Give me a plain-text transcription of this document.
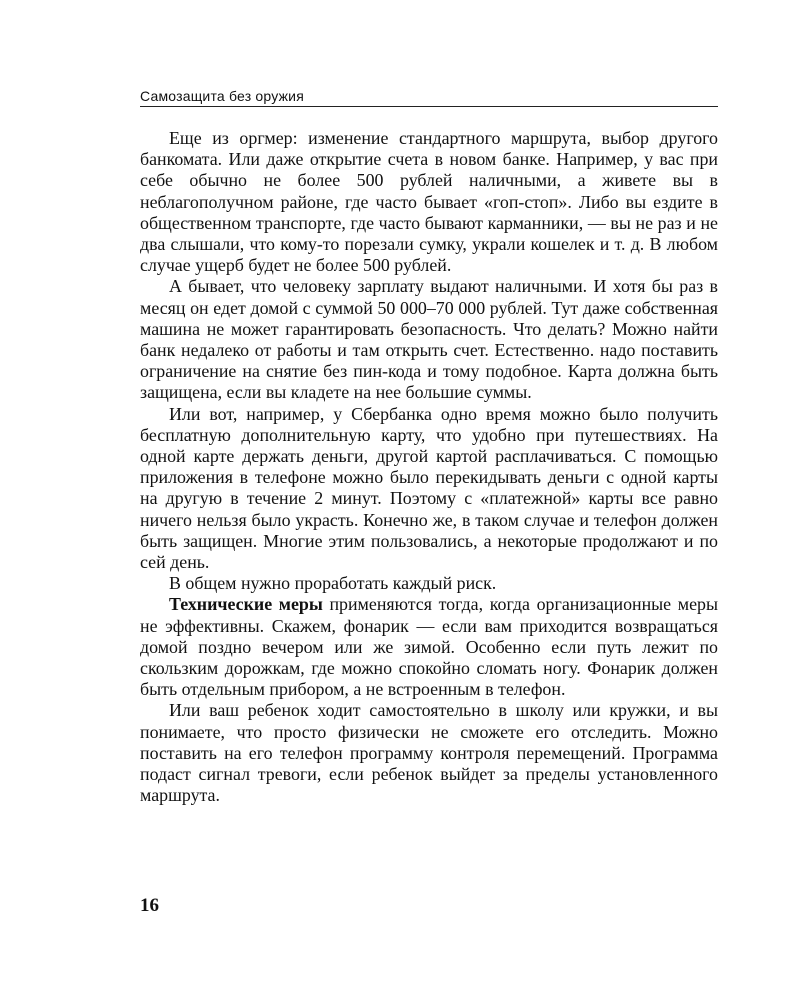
Самозащита без оружия

Еще из оргмер: изменение стандартного маршрута, выбор другого банкомата. Или даже открытие счета в новом банке. Например, у вас при себе обычно не более 500 рублей наличными, а живете вы в неблагополучном районе, где часто бывает «гоп-стоп». Либо вы ездите в общественном транспорте, где часто бывают карманники, — вы не раз и не два слышали, что кому-то порезали сумку, украли кошелек и т. д. В любом случае ущерб будет не более 500 рублей.

А бывает, что человеку зарплату выдают наличными. И хотя бы раз в месяц он едет домой с суммой 50 000–70 000 рублей. Тут даже собственная машина не может гарантировать безопасность. Что делать? Можно найти банк недалеко от работы и там открыть счет. Естественно. надо поставить ограничение на снятие без пин-кода и тому подобное. Карта должна быть защищена, если вы кладете на нее большие суммы.

Или вот, например, у Сбербанка одно время можно было получить бесплатную дополнительную карту, что удобно при путешествиях. На одной карте держать деньги, другой картой расплачиваться. С помощью приложения в телефоне можно было перекидывать деньги с одной карты на другую в течение 2 минут. Поэтому с «платежной» карты все равно ничего нельзя было украсть. Конечно же, в таком случае и телефон должен быть защищен. Многие этим пользовались, а некоторые продолжают и по сей день.

В общем нужно проработать каждый риск.

Технические меры применяются тогда, когда организационные меры не эффективны. Скажем, фонарик — если вам приходится возвращаться домой поздно вечером или же зимой. Особенно если путь лежит по скользким дорожкам, где можно спокойно сломать ногу. Фонарик должен быть отдельным прибором, а не встроенным в телефон.

Или ваш ребенок ходит самостоятельно в школу или кружки, и вы понимаете, что просто физически не сможете его отследить. Можно поставить на его телефон программу контроля перемещений. Программа подаст сигнал тревоги, если ребенок выйдет за пределы установленного маршрута.

16
